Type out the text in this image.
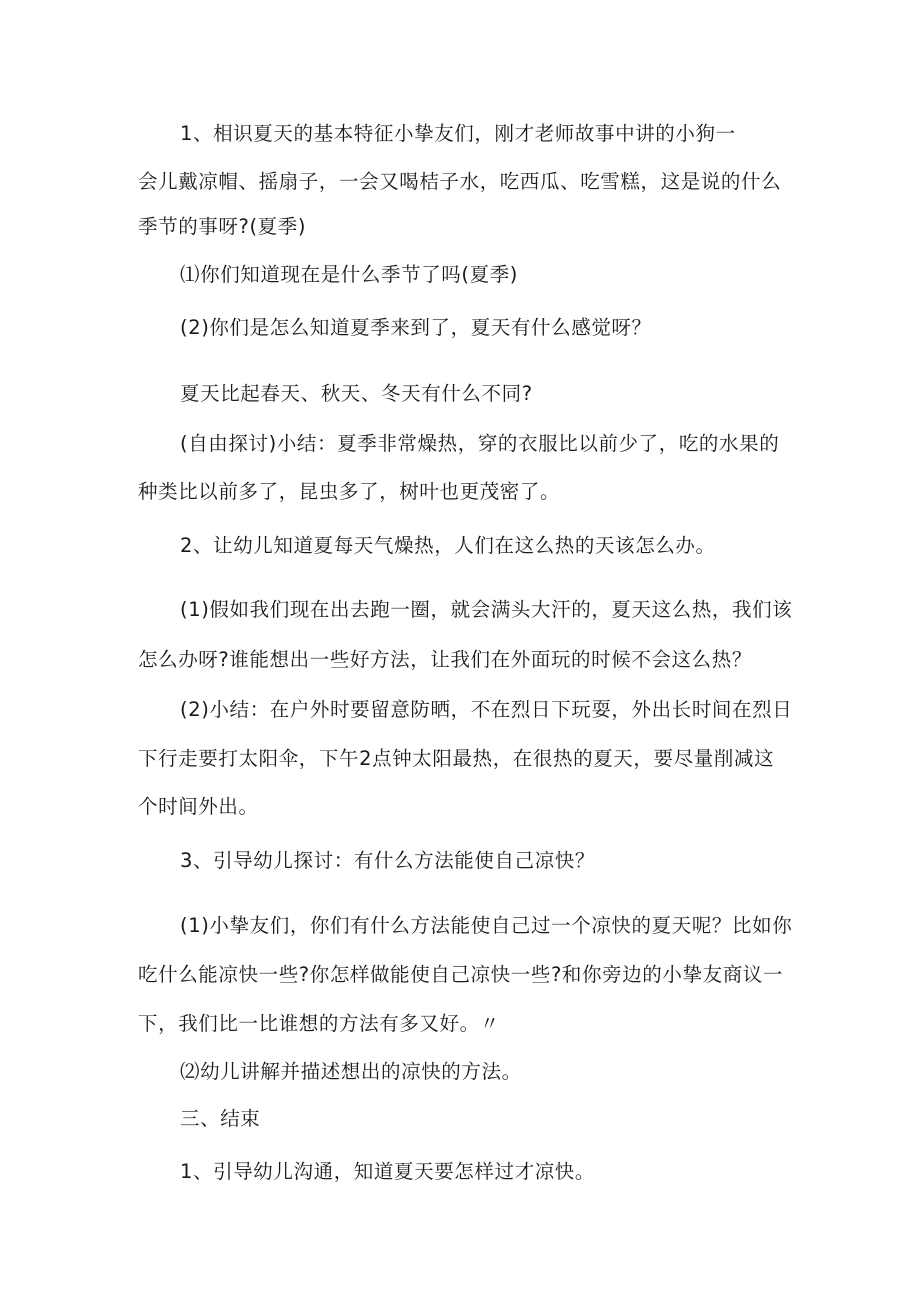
1、相识夏天的基本特征小挚友们，刚才老师故事中讲的小狗一
会儿戴凉帽、摇扇子，一会又喝桔子水，吃西瓜、吃雪糕，这是说的什么
季节的事呀?(夏季)
⑴你们知道现在是什么季节了吗(夏季)
(2)你们是怎么知道夏季来到了，夏天有什么感觉呀？
夏天比起春天、秋天、冬天有什么不同?
(自由探讨)小结：夏季非常燥热，穿的衣服比以前少了，吃的水果的
种类比以前多了，昆虫多了，树叶也更茂密了。
2、让幼儿知道夏每天气燥热，人们在这么热的天该怎么办。
(1)假如我们现在出去跑一圈，就会满头大汗的，夏天这么热，我们该
怎么办呀?谁能想出一些好方法，让我们在外面玩的时候不会这么热？
(2)小结：在户外时要留意防晒，不在烈日下玩耍，外出长时间在烈日
下行走要打太阳伞，下午2点钟太阳最热，在很热的夏天，要尽量削减这
个时间外出。
3、引导幼儿探讨：有什么方法能使自己凉快？
(1)小挚友们，你们有什么方法能使自己过一个凉快的夏天呢？比如你
吃什么能凉快一些?你怎样做能使自己凉快一些?和你旁边的小挚友商议一
下，我们比一比谁想的方法有多又好。〃
⑵幼儿讲解并描述想出的凉快的方法。
三、结束
1、引导幼儿沟通，知道夏天要怎样过才凉快。
